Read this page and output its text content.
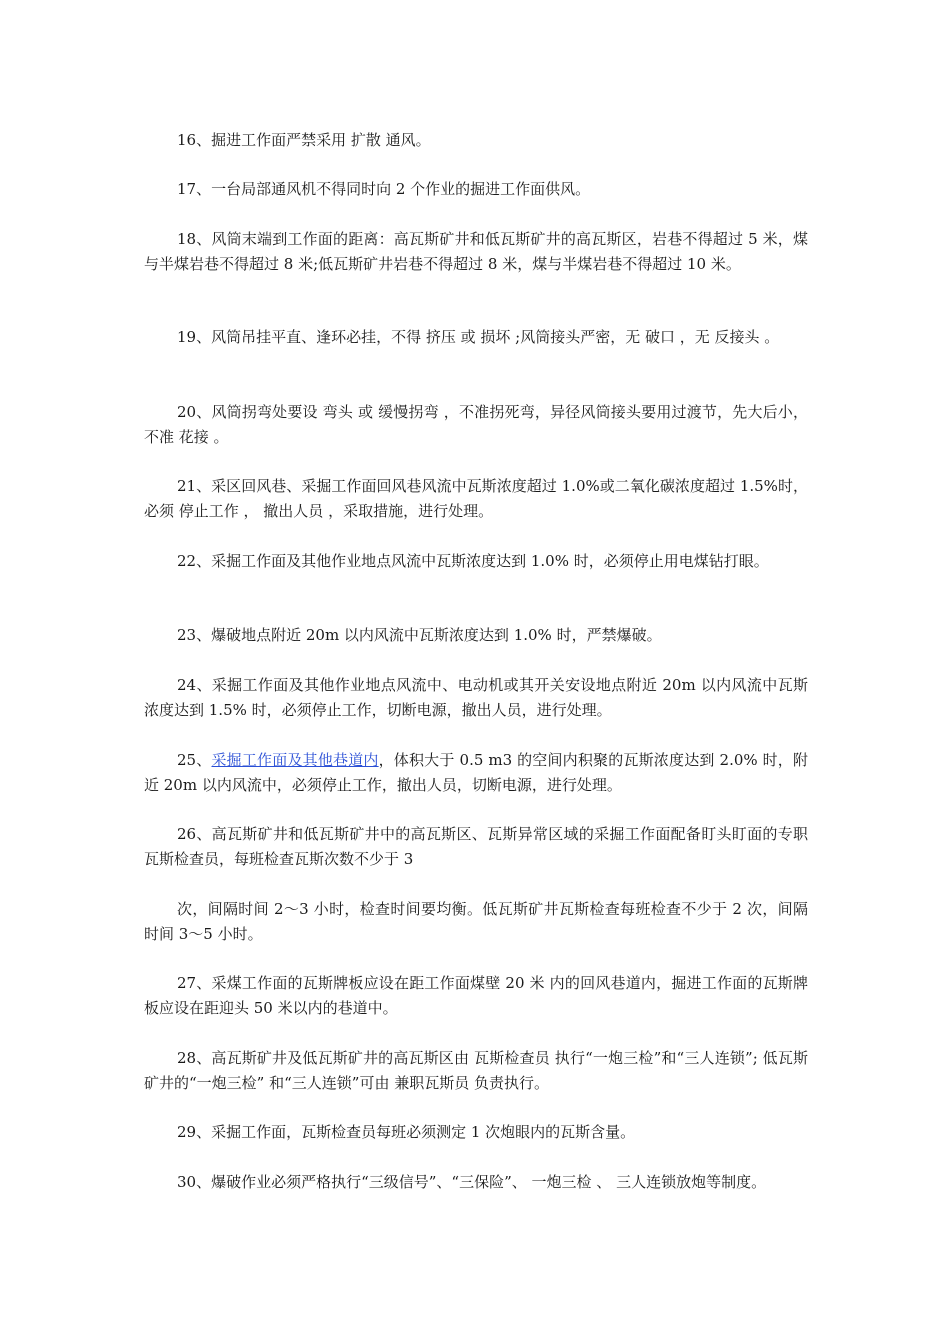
16、掘进工作面严禁采用 扩散 通风。

17、一台局部通风机不得同时向 2 个作业的掘进工作面供风。

18、风筒末端到工作面的距离：高瓦斯矿井和低瓦斯矿井的高瓦斯区，岩巷不得超过 5 米，煤与半煤岩巷不得超过 8 米;低瓦斯矿井岩巷不得超过 8 米，煤与半煤岩巷不得超过 10 米。

19、风筒吊挂平直、逢环必挂，不得 挤压 或 损坏 ;风筒接头严密，无 破口 ，无 反接头 。

20、风筒拐弯处要设 弯头 或 缓慢拐弯 ，不准拐死弯，异径风筒接头要用过渡节，先大后小，不准 花接 。

21、采区回风巷、采掘工作面回风巷风流中瓦斯浓度超过 1.0%或二氧化碳浓度超过 1.5%时，必须 停止工作 ， 撤出人员 ，采取措施，进行处理。

22、采掘工作面及其他作业地点风流中瓦斯浓度达到 1.0% 时，必须停止用电煤钻打眼。

23、爆破地点附近 20m 以内风流中瓦斯浓度达到 1.0% 时，严禁爆破。

24、采掘工作面及其他作业地点风流中、电动机或其开关安设地点附近 20m 以内风流中瓦斯浓度达到 1.5% 时，必须停止工作，切断电源，撤出人员，进行处理。

25、采掘工作面及其他巷道内，体积大于 0.5 m3 的空间内积聚的瓦斯浓度达到 2.0% 时，附近 20m 以内风流中，必须停止工作，撤出人员，切断电源，进行处理。

26、高瓦斯矿井和低瓦斯矿井中的高瓦斯区、瓦斯异常区域的采掘工作面配备盯头盯面的专职瓦斯检查员，每班检查瓦斯次数不少于 3

次，间隔时间 2～3 小时，检查时间要均衡。低瓦斯矿井瓦斯检查每班检查不少于 2 次，间隔时间 3～5 小时。

27、采煤工作面的瓦斯牌板应设在距工作面煤壁 20 米 内的回风巷道内，掘进工作面的瓦斯牌板应设在距迎头 50 米以内的巷道中。

28、高瓦斯矿井及低瓦斯矿井的高瓦斯区由 瓦斯检查员 执行“一炮三检”和“三人连锁”; 低瓦斯矿井的“一炮三检” 和“三人连锁”可由 兼职瓦斯员 负责执行。

29、采掘工作面，瓦斯检查员每班必须测定 1 次炮眼内的瓦斯含量。

30、爆破作业必须严格执行“三级信号”、“三保险”、 一炮三检 、 三人连锁放炮等制度。
